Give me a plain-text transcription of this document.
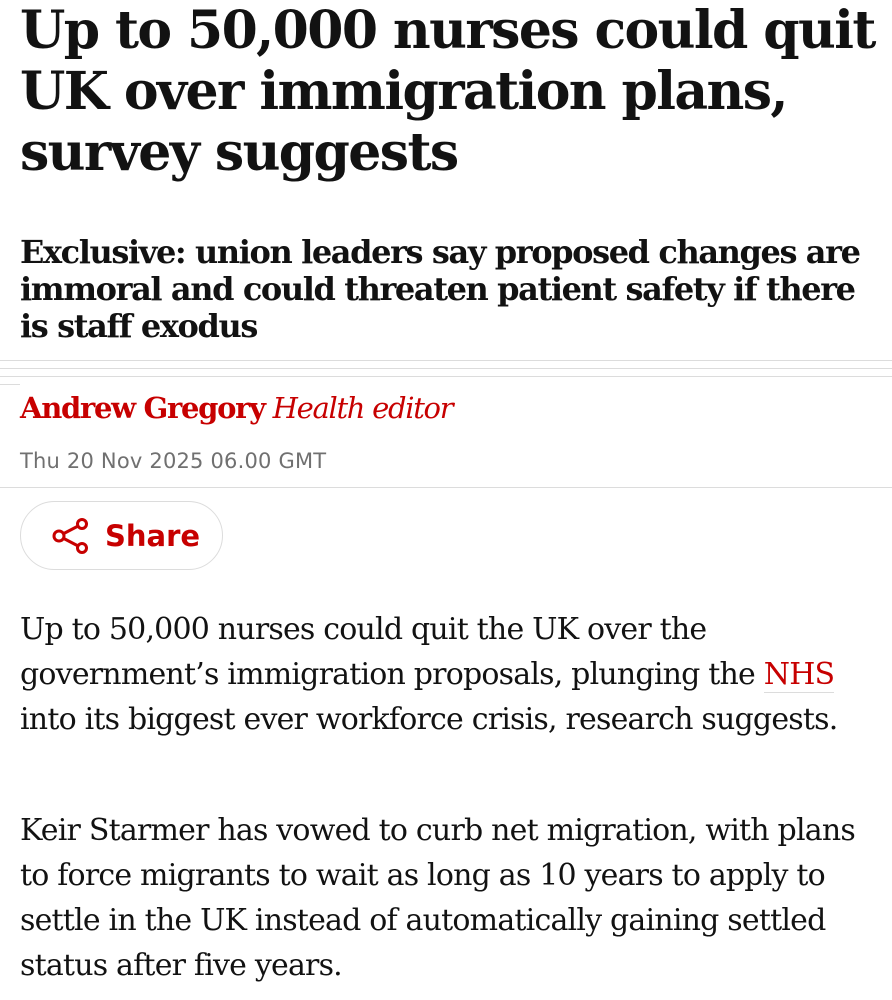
Up to 50,000 nurses could quit UK over immigration plans, survey suggests
Exclusive: union leaders say proposed changes are immoral and could threaten patient safety if there is staff exodus
Andrew Gregory Health editor
Thu 20 Nov 2025 06.00 GMT
Share

Up to 50,000 nurses could quit the UK over the government’s immigration proposals, plunging the NHS into its biggest ever workforce crisis, research suggests.

Keir Starmer has vowed to curb net migration, with plans to force migrants to wait as long as 10 years to apply to settle in the UK instead of automatically gaining settled status after five years.
